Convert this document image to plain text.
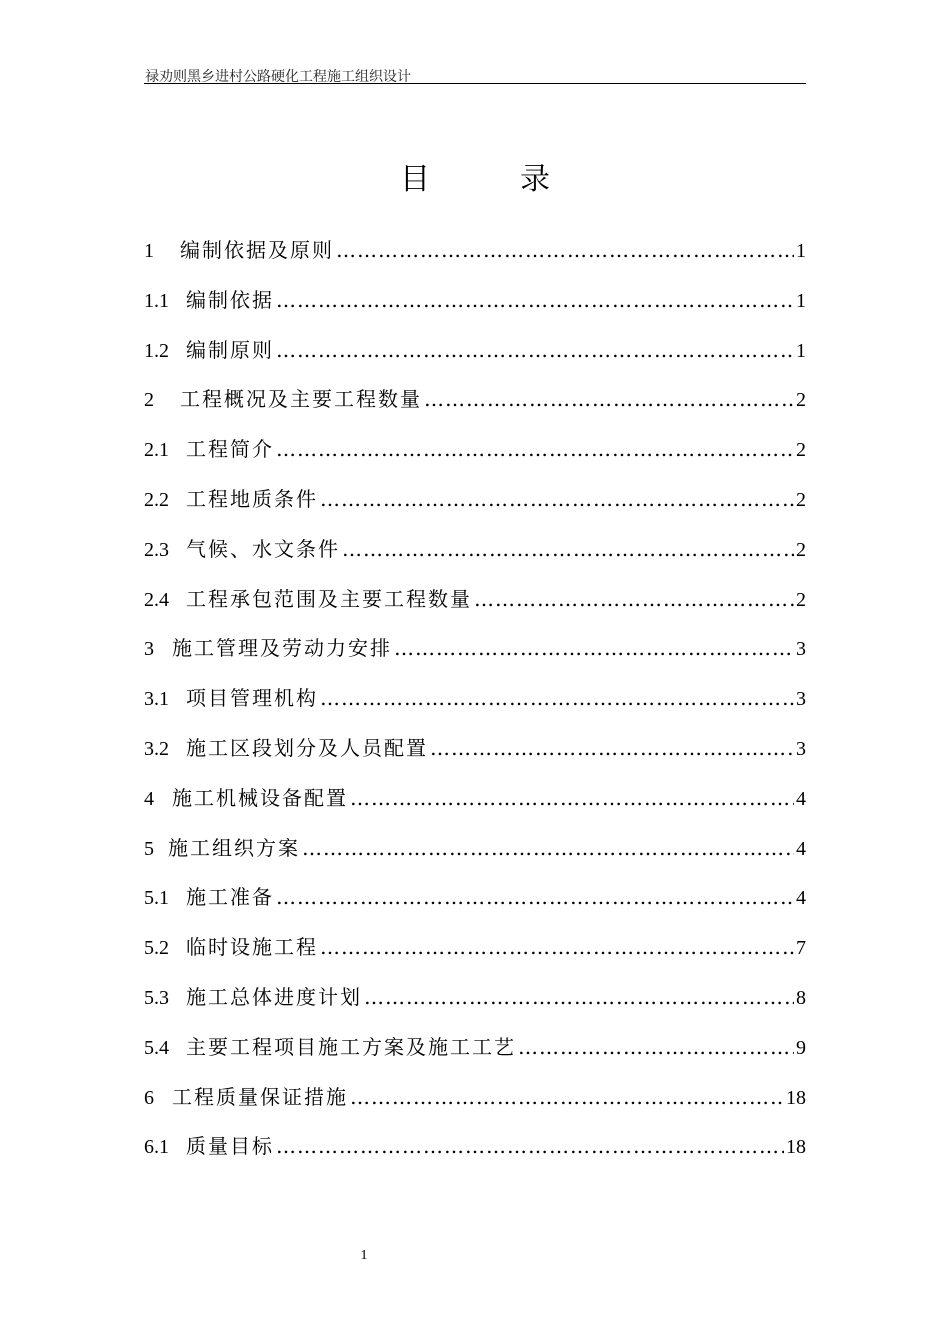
禄劝则黑乡进村公路硬化工程施工组织设计
目录
1	编制依据及原则 ……………………………………………………………………………………………………………………………………………………	1
1.1 编制依据 ……………………………………………………………………………………………………………………………………………………	1
1.2 编制原则 ……………………………………………………………………………………………………………………………………………………	1
2	工程概况及主要工程数量 ……………………………………………………………………………………………………………………………………………………	2
2.1 工程简介 ……………………………………………………………………………………………………………………………………………………	2
2.2 工程地质条件 ……………………………………………………………………………………………………………………………………………………	2
2.3 气候、水文条件 ……………………………………………………………………………………………………………………………………………………	2
2.4 工程承包范围及主要工程数量 ……………………………………………………………………………………………………………………………………………………	2
3 施工管理及劳动力安排 ……………………………………………………………………………………………………………………………………………………	3
3.1 项目管理机构 ……………………………………………………………………………………………………………………………………………………	3
3.2 施工区段划分及人员配置 ……………………………………………………………………………………………………………………………………………………	3
4 施工机械设备配置 ……………………………………………………………………………………………………………………………………………………	4
5 施工组织方案 ……………………………………………………………………………………………………………………………………………………	4
5.1 施工准备 ……………………………………………………………………………………………………………………………………………………	4
5.2 临时设施工程 ……………………………………………………………………………………………………………………………………………………	7
5.3 施工总体进度计划 ……………………………………………………………………………………………………………………………………………………	8
5.4 主要工程项目施工方案及施工工艺 ……………………………………………………………………………………………………………………………………………………	9
6 工程质量保证措施 ……………………………………………………………………………………………………………………………………………………	18
6.1 质量目标 ……………………………………………………………………………………………………………………………………………………	18
1
